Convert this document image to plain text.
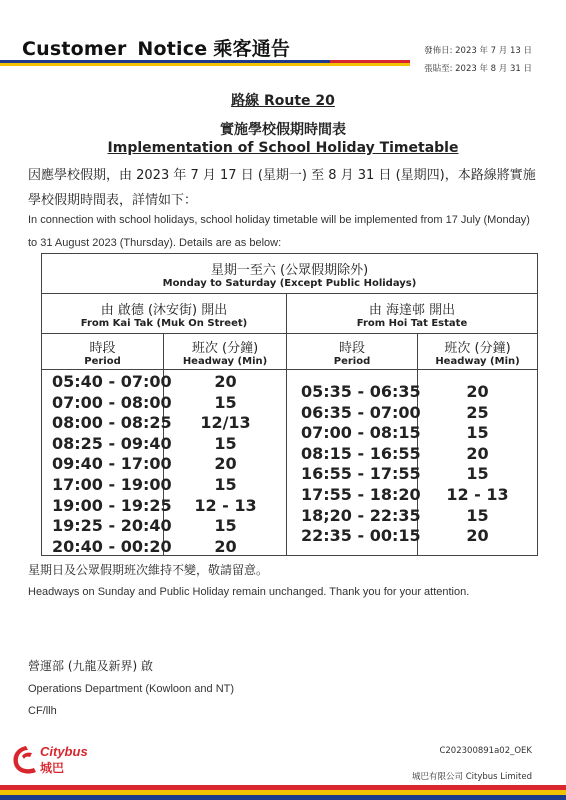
Customer Notice 乘客通告	發佈日: 2023 年 7 月 13 日
張貼至: 2023 年 8 月 31 日
路線 Route 20
實施學校假期時間表
Implementation of School Holiday Timetable
因應學校假期，由 2023 年 7 月 17 日 (星期一) 至 8 月 31 日 (星期四)，本路線將實施學校假期時間表，詳情如下：
In connection with school holidays, school holiday timetable will be implemented from 17 July (Monday) to 31 August 2023 (Thursday). Details are as below:
星期一至六 (公眾假期除外)
Monday to Saturday (Except Public Holidays)
由 啟德 (沐安街) 開出
From Kai Tak (Muk On Street)
由 海達邨 開出
From Hoi Tat Estate
時段
Period
班次 (分鐘)
Headway (Min)
時段
Period
班次 (分鐘)
Headway (Min)
05:40 - 07:00
07:00 - 08:00
08:00 - 08:25
08:25 - 09:40
09:40 - 17:00
17:00 - 19:00
19:00 - 19:25
19:25 - 20:40
20:40 - 00:20
20
15
12/13
15
20
15
12 - 13
15
20
05:35 - 06:35
06:35 - 07:00
07:00 - 08:15
08:15 - 16:55
16:55 - 17:55
17:55 - 18:20
18;20 - 22:35
22:35 - 00:15
20
25
15
20
15
12 - 13
15
20
星期日及公眾假期班次維持不變，敬請留意。
Headways on Sunday and Public Holiday remain unchanged. Thank you for your attention.
營運部 (九龍及新界) 啟
Operations Department (Kowloon and NT)
CF/llh
Citybus
城巴
C202300891a02_OEK
城巴有限公司 Citybus Limited
